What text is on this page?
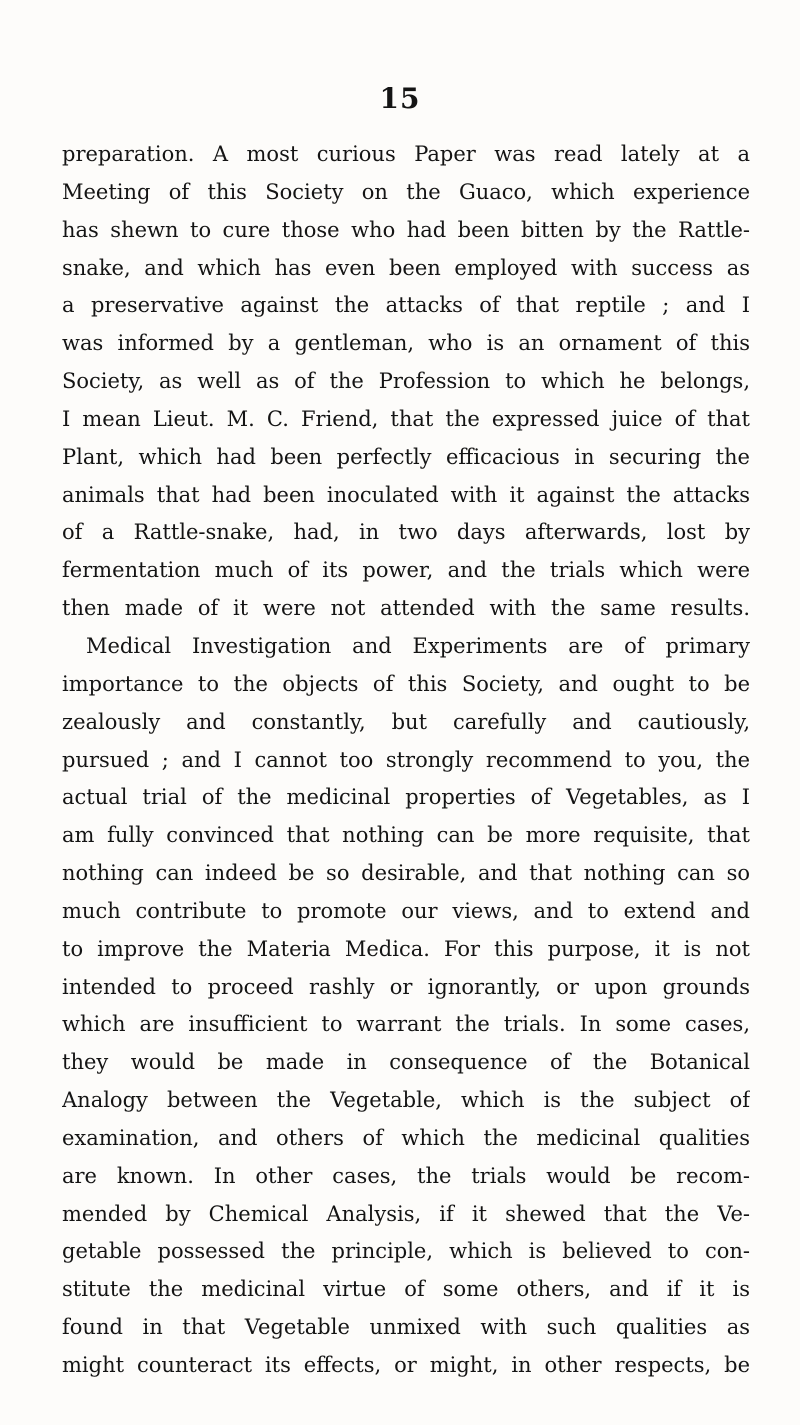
15
preparation. A most curious Paper was read lately at a
Meeting of this Society on the Guaco, which experience
has shewn to cure those who had been bitten by the Rattle-
snake, and which has even been employed with success as
a preservative against the attacks of that reptile ; and I
was informed by a gentleman, who is an ornament of this
Society, as well as of the Profession to which he belongs,
I mean Lieut. M. C. Friend, that the expressed juice of that
Plant, which had been perfectly efficacious in securing the
animals that had been inoculated with it against the attacks
of a Rattle-snake, had, in two days afterwards, lost by
fermentation much of its power, and the trials which were
then made of it were not attended with the same results.
Medical Investigation and Experiments are of primary
importance to the objects of this Society, and ought to be
zealously and constantly, but carefully and cautiously,
pursued ; and I cannot too strongly recommend to you, the
actual trial of the medicinal properties of Vegetables, as I
am fully convinced that nothing can be more requisite, that
nothing can indeed be so desirable, and that nothing can so
much contribute to promote our views, and to extend and
to improve the Materia Medica. For this purpose, it is not
intended to proceed rashly or ignorantly, or upon grounds
which are insufficient to warrant the trials. In some cases,
they would be made in consequence of the Botanical
Analogy between the Vegetable, which is the subject of
examination, and others of which the medicinal qualities
are known. In other cases, the trials would be recom-
mended by Chemical Analysis, if it shewed that the Ve-
getable possessed the principle, which is believed to con-
stitute the medicinal virtue of some others, and if it is
found in that Vegetable unmixed with such qualities as
might counteract its effects, or might, in other respects, be
